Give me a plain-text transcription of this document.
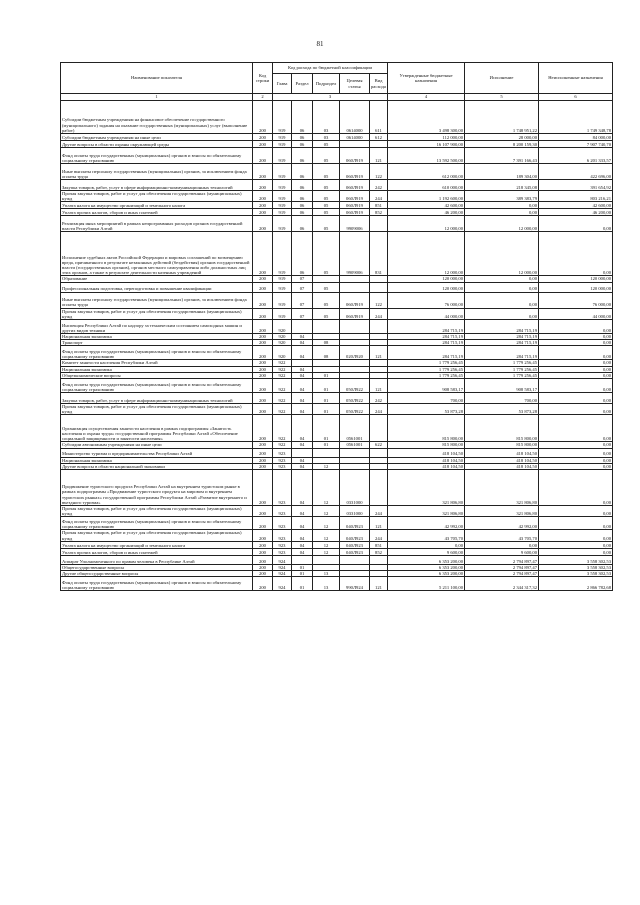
81
Наименование показателя	Код строки	Код расхода по бюджетной классификации					Утвержденные бюджетные назначения	Исполнение	Неисполненные назначения
		Глава	Раздел	Подраздел	Целевая статья	Вид расхода			
1	2	3					4	5	6
Субсидии бюджетным учреждениям на финансовое обеспечение государственного (муниципального) задания на оказание государственных (муниципальных) услуг (выполнение работ)	200	919	06	03	0614000	611	3 498 300,00	1 748 951,22	1 749 348,78
Субсидии бюджетным учреждениям на иные цели	200	919	06	03	0614000	612	112 000,00	28 000,00	84 000,00
Другие вопросы в области охраны окружающей среды	200	919	06	05			16 107 900,00	8 200 159,30	7 907 740,70
Фонд оплаты труда государственных (муниципальных) органов и взносы по обязательному социальному страхованию	200	919	06	05	060Л919	121	13 592 500,00	7 391 166,43	6 201 333,57
Иные выплаты персоналу государственных (муниципальных) органов, за исключением фонда оплаты труда	200	919	06	05	060Л919	122	612 000,00	189 304,00	422 696,00
Закупка товаров, работ, услуг в сфере информационно-коммуникационных технологий	200	919	06	05	060Л919	242	610 000,00	218 345,08	391 654,92
Прочая закупка товаров, работ и услуг для обеспечения государственных (муниципальных) нужд	200	919	06	05	060Л919	244	1 192 600,00	389 383,79	803 216,21
Уплата налога на имущество организаций и земельного налога	200	919	06	05	060Л919	851	42 600,00	0,00	42 600,00
Уплата прочих налогов, сборов и иных платежей	200	919	06	05	060Л919	852	46 200,00	0,00	46 200,00
Реализация иных мероприятий в рамках непрограммных расходов органов государственной власти Республики Алтай	200	919	06	05	9909006		12 000,00	12 000,00	0,00
Исполнение судебных актов Российской Федерации и мировых соглашений по возмещению вреда, причиненного в результате незаконных действий (бездействия) органов государственной власти (государственных органов), органов местного самоуправления либо должностных лиц этих органов, а также в результате деятельности казенных учреждений	200	919	06	05	9909006	831	12 000,00	12 000,00	0,00
Образование	200	919	07				120 000,00	0,00	120 000,00
Профессиональная подготовка, переподготовка и повышение квалификации	200	919	07	05			120 000,00	0,00	120 000,00
Иные выплаты персоналу государственных (муниципальных) органов, за исключением фонда оплаты труда	200	919	07	05	060Л919	122	76 000,00	0,00	76 000,00
Прочая закупка товаров, работ и услуг для обеспечения государственных (муниципальных) нужд	200	919	07	05	060Л919	244	44 000,00	0,00	44 000,00
Инспекция Республики Алтай по надзору за техническим состоянием самоходных машин и других видов техники	200	920					284 715,19	284 715,19	0,00
Национальная экономика	200	920	04				284 715,19	284 715,19	0,00
Транспорт	200	920	04	08			284 715,19	284 715,19	0,00
Фонд оплаты труда государственных (муниципальных) органов и взносы по обязательному социальному страхованию	200	920	04	08	020Л920	121	284 715,19	284 715,19	0,00
Комитет занятости населения Республики Алтай	200	922					1 779 256,45	1 779 256,45	0,00
Национальная экономика	200	922	04				1 779 256,45	1 779 256,45	0,00
Общеэкономические вопросы	200	922	04	01			1 779 256,45	1 779 256,45	0,00
Фонд оплаты труда государственных (муниципальных) органов и взносы по обязательному социальному страхованию	200	922	04	01	050Л922	121	908 583,17	908 583,17	0,00
Закупка товаров, работ, услуг в сфере информационно-коммуникационных технологий	200	922	04	01	050Л922	242	700,00	700,00	0,00
Прочая закупка товаров, работ и услуг для обеспечения государственных (муниципальных) нужд	200	922	04	01	050Л922	244	53 873,28	53 873,28	0,00
Организация осуществления занятости населения в рамках подпрограммы «Занятость населения и охрана труда» государственной программы Республики Алтай «Обеспечение социальной защищенности и занятости населения»	200	922	04	01	0561001		815 800,00	815 800,00	0,00
Субсидии автономным учреждениям на иные цели	200	922	04	01	0561001	622	815 800,00	815 800,00	0,00
Министерство туризма и предпринимательства Республики Алтай	200	923					418 104,50	418 104,50	0,00
Национальная экономика	200	923	04				418 104,50	418 104,50	0,00
Другие вопросы в области национальной экономики	200	923	04	12			418 104,50	418 104,50	0,00
Продвижение туристского продукта Республики Алтай на внутреннем туристском рынке в рамках подпрограммы «Продвижение туристского продукта на мировом и внутреннем туристских рынках» государственной программы Республики Алтай «Развитие внутреннего и въездного туризма»	200	923	04	12	0331000		321 806,80	321 806,80	0,00
Прочая закупка товаров, работ и услуг для обеспечения государственных (муниципальных) нужд	200	923	04	12	0331000	244	321 806,80	321 806,80	0,00
Фонд оплаты труда государственных (муниципальных) органов и взносы по обязательному социальному страхованию	200	923	04	12	040Л923	121	42 992,00	42 992,00	0,00
Прочая закупка товаров, работ и услуг для обеспечения государственных (муниципальных) нужд	200	923	04	12	040Л923	244	43 705,70	43 705,70	0,00
Уплата налога на имущество организаций и земельного налога	200	923	04	12	040Л923	851	0,00	0,00	0,00
Уплата прочих налогов, сборов и иных платежей	200	923	04	12	040Л923	852	9 600,00	9 600,00	0,00
Аппарат Уполномоченного по правам человека в Республике Алтай	200	924					6 353 200,00	2 794 897,47	3 558 302,53
Общегосударственные вопросы	200	924	01				6 353 200,00	2 794 897,47	3 558 302,53
Другие общегосударственные вопросы	200	924	01	13			6 353 200,00	2 794 897,47	3 558 302,53
Фонд оплаты труда государственных (муниципальных) органов и взносы по обязательному социальному страхованию	200	924	01	13	990Л924	121	5 211 100,00	2 344 317,32	2 866 782,68
